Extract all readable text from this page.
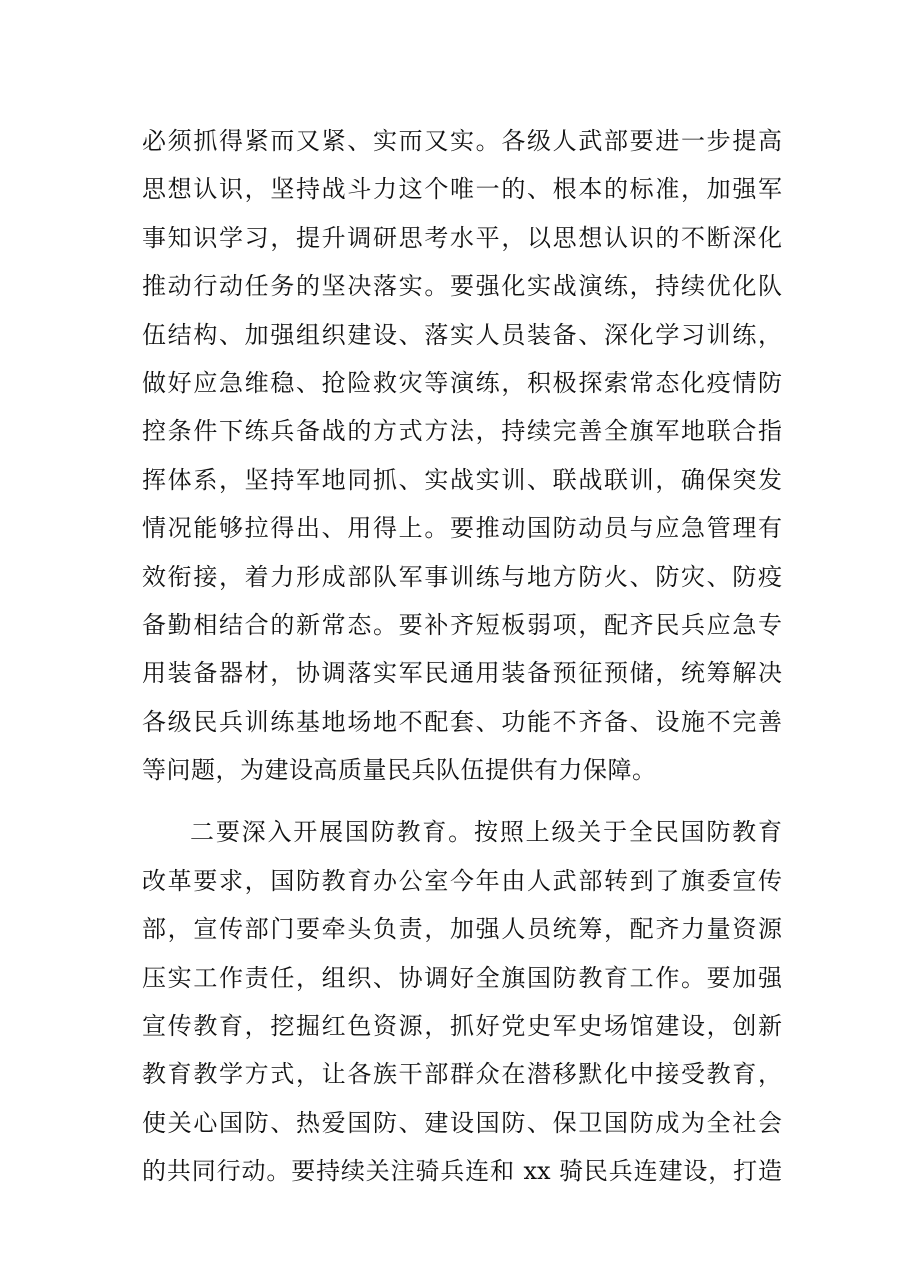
必须抓得紧而又紧、实而又实。各级人武部要进一步提高
思想认识，坚持战斗力这个唯一的、根本的标准，加强军
事知识学习，提升调研思考水平，以思想认识的不断深化
推动行动任务的坚决落实。要强化实战演练，持续优化队
伍结构、加强组织建设、落实人员装备、深化学习训练，
做好应急维稳、抢险救灾等演练，积极探索常态化疫情防
控条件下练兵备战的方式方法，持续完善全旗军地联合指
挥体系，坚持军地同抓、实战实训、联战联训，确保突发
情况能够拉得出、用得上。要推动国防动员与应急管理有
效衔接，着力形成部队军事训练与地方防火、防灾、防疫
备勤相结合的新常态。要补齐短板弱项，配齐民兵应急专
用装备器材，协调落实军民通用装备预征预储，统筹解决
各级民兵训练基地场地不配套、功能不齐备、设施不完善
等问题，为建设高质量民兵队伍提供有力保障。
二要深入开展国防教育。按照上级关于全民国防教育
改革要求，国防教育办公室今年由人武部转到了旗委宣传
部，宣传部门要牵头负责，加强人员统筹，配齐力量资源
压实工作责任，组织、协调好全旗国防教育工作。要加强
宣传教育，挖掘红色资源，抓好党史军史场馆建设，创新
教育教学方式，让各族干部群众在潜移默化中接受教育，
使关心国防、热爱国防、建设国防、保卫国防成为全社会
的共同行动。要持续关注骑兵连和 xx 骑民兵连建设，打造
